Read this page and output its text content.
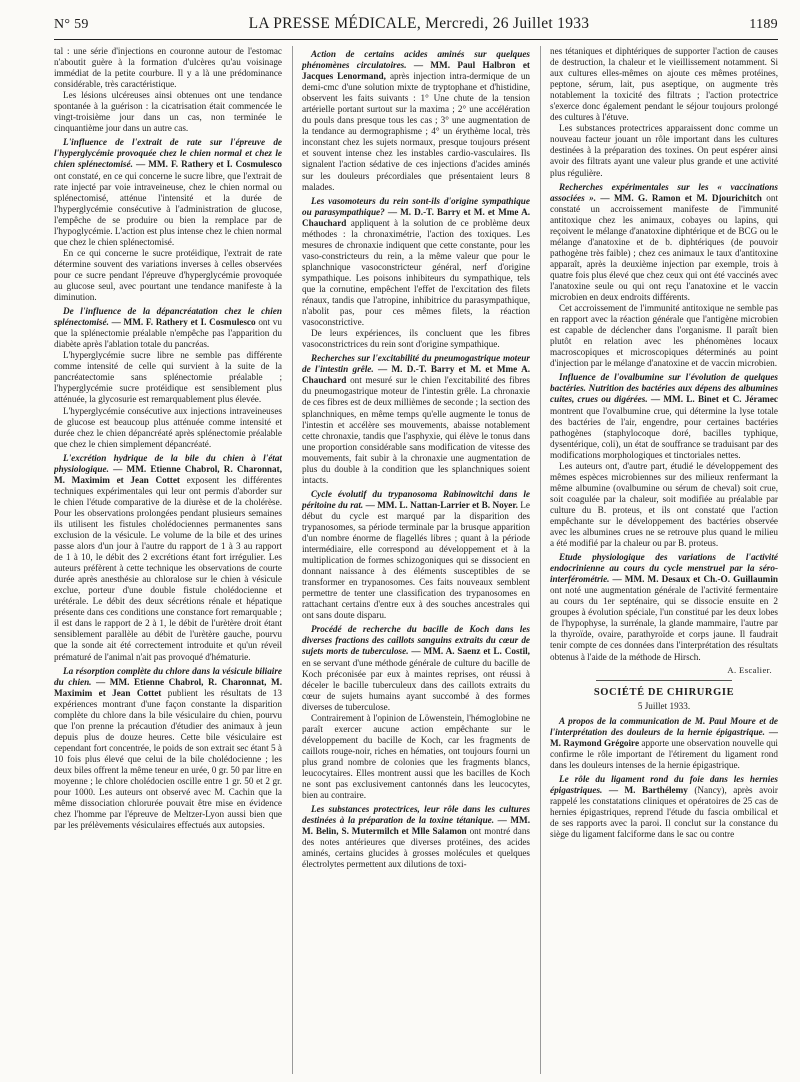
N° 59	LA PRESSE MÉDICALE, Mercredi, 26 Juillet 1933	1189

tal : une série d'injections en couronne autour de l'estomac n'aboutit guère à la formation d'ulcères qu'au voisinage immédiat de la petite courbure. Il y a là une prédominance considérable, très caractéristique.

Les lésions ulcéreuses ainsi obtenues ont une tendance spontanée à la guérison : la cicatrisation était commencée le vingt-troisième jour dans un cas, non terminée le cinquantième jour dans un autre cas.

L'influence de l'extrait de rate sur l'épreuve de l'hyperglycémie provoquée chez le chien normal et chez le chien splénectomisé. — MM. F. Rathery et I. Cosmulesco ont constaté, en ce qui concerne le sucre libre, que l'extrait de rate injecté par voie intraveineuse, chez le chien normal ou splénectomisé, atténue l'intensité et la durée de l'hyperglycémie consécutive à l'administration de glucose, l'empêche de se produire ou bien la remplace par de l'hypoglycémie. L'action est plus intense chez le chien normal que chez le chien splénectomisé.

En ce qui concerne le sucre protéidique, l'extrait de rate détermine souvent des variations inverses à celles observées pour ce sucre pendant l'épreuve d'hyperglycémie provoquée au glucose seul, avec pourtant une tendance manifeste à la diminution.

De l'influence de la dépancréatation chez le chien splénectomisé. — MM. F. Rathery et I. Cosmulesco ont vu que la splénectomie préalable n'empêche pas l'apparition du diabète après l'ablation totale du pancréas.

L'hyperglycémie sucre libre ne semble pas différente comme intensité de celle qui survient à la suite de la pancréatectomie sans splénectomie préalable ; l'hyperglycémie sucre protéidique est sensiblement plus atténuée, la glycosurie est remarquablement plus élevée.

L'hyperglycémie consécutive aux injections intraveineuses de glucose est beaucoup plus atténuée comme intensité et durée chez le chien dépancréaté après splénectomie préalable que chez le chien simplement dépancréaté.

L'excrétion hydrique de la bile du chien à l'état physiologique. — MM. Etienne Chabrol, R. Charonnat, M. Maximim et Jean Cottet exposent les différentes techniques expérimentales qui leur ont permis d'aborder sur le chien l'étude comparative de la diurèse et de la cholérèse. Pour les observations prolongées pendant plusieurs semaines ils utilisent les fistules cholédociennes permanentes sans exclusion de la vésicule. Le volume de la bile et des urines passe alors d'un jour à l'autre du rapport de 1 à 3 au rapport de 1 à 10, le débit des 2 excrétions étant fort irrégulier. Les auteurs préfèrent à cette technique les observations de courte durée après anesthésie au chloralose sur le chien à vésicule exclue, porteur d'une double fistule cholédocienne et urétérale. Le débit des deux sécrétions rénale et hépatique présente dans ces conditions une constance fort remarquable ; il est dans le rapport de 2 à 1, le débit de l'urètère droit étant sensiblement parallèle au débit de l'urètère gauche, pourvu que la sonde ait été correctement introduite et qu'un réveil prématuré de l'animal n'ait pas provoqué d'hématurie.

La résorption complète du chlore dans la vésicule biliaire du chien. — MM. Etienne Chabrol, R. Charonnat, M. Maximim et Jean Cottet publient les résultats de 13 expériences montrant d'une façon constante la disparition complète du chlore dans la bile vésiculaire du chien, pourvu que l'on prenne la précaution d'étudier des animaux à jeun depuis plus de douze heures. Cette bile vésiculaire est cependant fort concentrée, le poids de son extrait sec étant 5 à 10 fois plus élevé que celui de la bile cholédocienne ; les deux biles offrent la même teneur en urée, 0 gr. 50 par litre en moyenne ; le chlore cholédocien oscille entre 1 gr. 50 et 2 gr. pour 1000. Les auteurs ont observé avec M. Cachin que la même dissociation chlorurée pouvait être mise en évidence chez l'homme par l'épreuve de Meltzer-Lyon aussi bien que par les prélèvements vésiculaires effectués aux autopsies.

Action de certains acides aminés sur quelques phénomènes circulatoires. — MM. Paul Halbron et Jacques Lenormand, après injection intra-dermique de un demi-cmc d'une solution mixte de tryptophane et d'histidine, observent les faits suivants : 1° Une chute de la tension artérielle portant surtout sur la maxima ; 2° une accélération du pouls dans presque tous les cas ; 3° une augmentation de la tendance au dermographisme ; 4° un érythème local, très inconstant chez les sujets normaux, presque toujours présent et souvent intense chez les instables cardio-vasculaires. Ils signalent l'action sédative de ces injections d'acides aminés sur les douleurs précordiales que présentaient leurs 8 malades.

Les vasomoteurs du rein sont-ils d'origine sympathique ou parasympathique? — M. D.-T. Barry et M. et Mme A. Chauchard appliquent à la solution de ce problème deux méthodes : la chronaximétrie, l'action des toxiques. Les mesures de chronaxie indiquent que cette constante, pour les vaso-constricteurs du rein, a la même valeur que pour le splanchnique vasoconstricteur général, nerf d'origine sympathique. Les poisons inhibiteurs du sympathique, tels que la cornutine, empêchent l'effet de l'excitation des filets rénaux, tandis que l'atropine, inhibitrice du parasympathique, n'abolit pas, pour ces mêmes filets, la réaction vasoconstrictive.

De leurs expériences, ils concluent que les fibres vasoconstrictrices du rein sont d'origine sympathique.

Recherches sur l'excitabilité du pneumogastrique moteur de l'intestin grêle. — M. D.-T. Barry et M. et Mme A. Chauchard ont mesuré sur le chien l'excitabilité des fibres du pneumogastrique moteur de l'intestin grêle. La chronaxie de ces fibres est de deux millièmes de seconde ; la section des splanchniques, en même temps qu'elle augmente le tonus de l'intestin et accélère ses mouvements, abaisse notablement cette chronaxie, tandis que l'asphyxie, qui élève le tonus dans une proportion considérable sans modification de vitesse des mouvements, fait subir à la chronaxie une augmentation de plus du double à la condition que les splanchniques soient intacts.

Cycle évolutif du trypanosoma Rabinowitchi dans le péritoine du rat. — MM. L. Nattan-Larrier et B. Noyer. Le début du cycle est marqué par la disparition des trypanosomes, sa période terminale par la brusque apparition d'un nombre énorme de flagellés libres ; quant à la période intermédiaire, elle correspond au développement et à la multiplication de formes schizogoniques qui se dissocient en donnant naissance à des éléments susceptibles de se transformer en trypanosomes. Ces faits nouveaux semblent permettre de tenter une classification des trypanosomes en rattachant certains d'entre eux à des souches ancestrales qui ont sans doute disparu.

Procédé de recherche du bacille de Koch dans les diverses fractions des caillots sanguins extraits du cœur de sujets morts de tuberculose. — MM. A. Saenz et L. Costil, en se servant d'une méthode générale de culture du bacille de Koch préconisée par eux à maintes reprises, ont réussi à déceler le bacille tuberculeux dans des caillots extraits du cœur de sujets humains ayant succombé à des formes diverses de tuberculose.

Contrairement à l'opinion de Löwenstein, l'hémoglobine ne paraît exercer aucune action empêchante sur le développement du bacille de Koch, car les fragments de caillots rouge-noir, riches en hématies, ont toujours fourni un plus grand nombre de colonies que les fragments blancs, leucocytaires. Elles montrent aussi que les bacilles de Koch ne sont pas exclusivement cantonnés dans les leucocytes, bien au contraire.

Les substances protectrices, leur rôle dans les cultures destinées à la préparation de la toxine tétanique. — MM. M. Belin, S. Mutermilch et Mlle Salamon ont montré dans des notes antérieures que diverses protéines, des acides aminés, certains glucides à grosses molécules et quelques électrolytes permettent aux dilutions de toxi-

nes tétaniques et diphtériques de supporter l'action de causes de destruction, la chaleur et le vieillissement notamment. Si aux cultures elles-mêmes on ajoute ces mêmes protéines, peptone, sérum, lait, pus aseptique, on augmente très notablement la toxicité des filtrats ; l'action protectrice s'exerce donc également pendant le séjour toujours prolongé des cultures à l'étuve.

Les substances protectrices apparaissent donc comme un nouveau facteur jouant un rôle important dans les cultures destinées à la préparation des toxines. On peut espérer ainsi avoir des filtrats ayant une valeur plus grande et une activité plus régulière.

Recherches expérimentales sur les « vaccinations associées ». — MM. G. Ramon et M. Djourichitch ont constaté un accroissement manifeste de l'immunité antitoxique chez les animaux, cobayes ou lapins, qui reçoivent le mélange d'anatoxine diphtérique et de BCG ou le mélange d'anatoxine et de b. diphtériques (de pouvoir pathogène très faible) ; chez ces animaux le taux d'antitoxine apparaît, après la deuxième injection par exemple, trois à quatre fois plus élevé que chez ceux qui ont été vaccinés avec l'anatoxine seule ou qui ont reçu l'anatoxine et le vaccin microbien en deux endroits différents.

Cet accroissement de l'immunité antitoxique ne semble pas en rapport avec la réaction générale que l'antigène microbien est capable de déclencher dans l'organisme. Il paraît bien plutôt en relation avec les phénomènes locaux macroscopiques et microscopiques déterminés au point d'injection par le mélange d'anatoxine et de vaccin microbien.

Influence de l'ovalbumine sur l'évolution de quelques bactéries. Nutrition des bactéries aux dépens des albumines cuites, crues ou digérées. — MM. L. Binet et C. Jéramec montrent que l'ovalbumine crue, qui détermine la lyse totale des bactéries de l'air, engendre, pour certaines bactéries pathogènes (staphylocoque doré, bacilles typhique, dysentérique, coli), un état de souffrance se traduisant par des modifications morphologiques et tinctoriales nettes.

Les auteurs ont, d'autre part, étudié le développement des mêmes espèces microbiennes sur des milieux renfermant la même albumine (ovalbumine ou sérum de cheval) soit crue, soit coagulée par la chaleur, soit modifiée au préalable par culture du B. proteus, et ils ont constaté que l'action empêchante sur le développement des bactéries observée avec les albumines crues ne se retrouve plus quand le milieu a été modifié par la chaleur ou par B. proteus.

Etude physiologique des variations de l'activité endocrinienne au cours du cycle menstruel par la séro-interférométrie. — MM. M. Desaux et Ch.-O. Guillaumin ont noté une augmentation générale de l'activité fermentaire au cours du 1er septénaire, qui se dissocie ensuite en 2 groupes à évolution spéciale, l'un constitué par les deux lobes de l'hypophyse, la surrénale, la glande mammaire, l'autre par la thyroïde, ovaire, parathyroïde et corps jaune. Il faudrait tenir compte de ces données dans l'interprétation des résultats obtenus à l'aide de la méthode de Hirsch.

A. Escalier.
SOCIÉTÉ DE CHIRURGIE
5 Juillet 1933.

A propos de la communication de M. Paul Moure et de l'interprétation des douleurs de la hernie épigastrique. — M. Raymond Grégoire apporte une observation nouvelle qui confirme le rôle important de l'étirement du ligament rond dans les douleurs intenses de la hernie épigastrique.

Le rôle du ligament rond du foie dans les hernies épigastriques. — M. Barthélemy (Nancy), après avoir rappelé les constatations cliniques et opératoires de 25 cas de hernies épigastriques, reprend l'étude du fascia ombilical et de ses rapports avec la paroi. Il conclut sur la constance du siège du ligament falciforme dans le sac ou contre
